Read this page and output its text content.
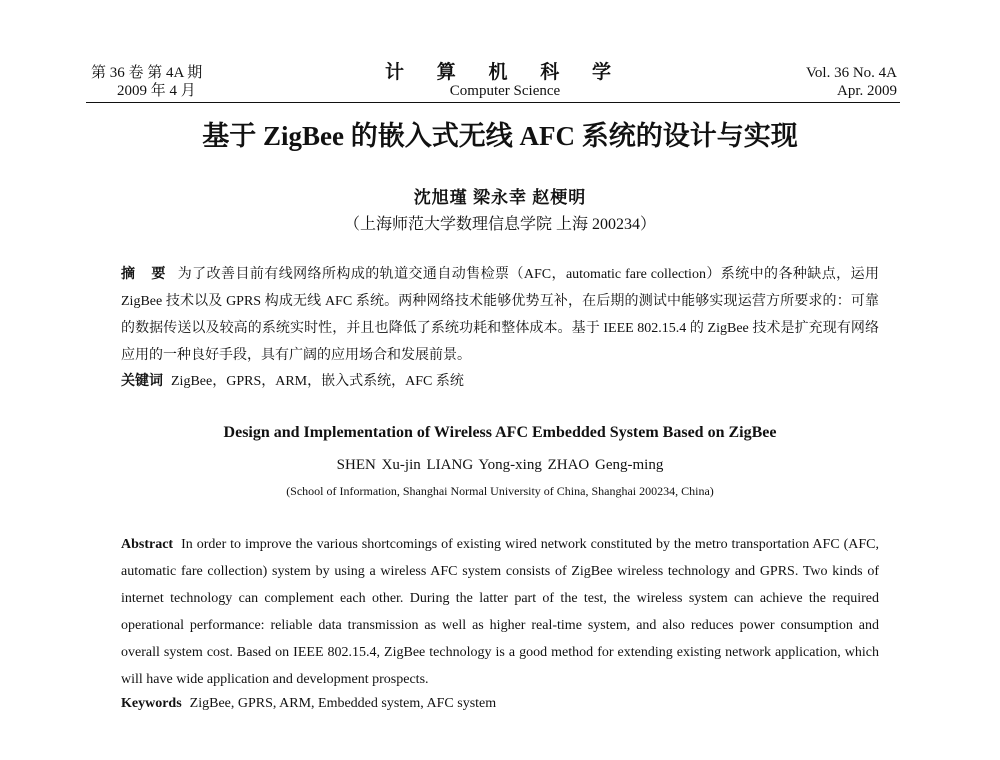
第 36 卷 第 4A 期
2009 年 4 月
计 算 机 科 学
Computer Science
Vol. 36 No. 4A
Apr. 2009
基于 ZigBee 的嵌入式无线 AFC 系统的设计与实现
沈旭瑾 梁永幸 赵梗明
（上海师范大学数理信息学院 上海 200234）
摘 要 为了改善目前有线网络所构成的轨道交通自动售检票（AFC，automatic fare collection）系统中的各种缺点，运用 ZigBee 技术以及 GPRS 构成无线 AFC 系统。两种网络技术能够优势互补，在后期的测试中能够实现运营方所要求的：可靠的数据传送以及较高的系统实时性，并且也降低了系统功耗和整体成本。基于 IEEE 802.15.4 的 ZigBee 技术是扩充现有网络应用的一种良好手段，具有广阔的应用场合和发展前景。
关键词 ZigBee，GPRS，ARM，嵌入式系统，AFC 系统
Design and Implementation of Wireless AFC Embedded System Based on ZigBee
SHEN Xu-jin LIANG Yong-xing ZHAO Geng-ming
(School of Information, Shanghai Normal University of China, Shanghai 200234, China)
Abstract In order to improve the various shortcomings of existing wired network constituted by the metro transportation AFC (AFC, automatic fare collection) system by using a wireless AFC system consists of ZigBee wireless technology and GPRS. Two kinds of internet technology can complement each other. During the latter part of the test, the wireless system can achieve the required operational performance: reliable data transmission as well as higher real-time system, and also reduces power consumption and overall system cost. Based on IEEE 802.15.4, ZigBee technology is a good method for extending existing network application, which will have wide application and development prospects.
Keywords ZigBee, GPRS, ARM, Embedded system, AFC system
